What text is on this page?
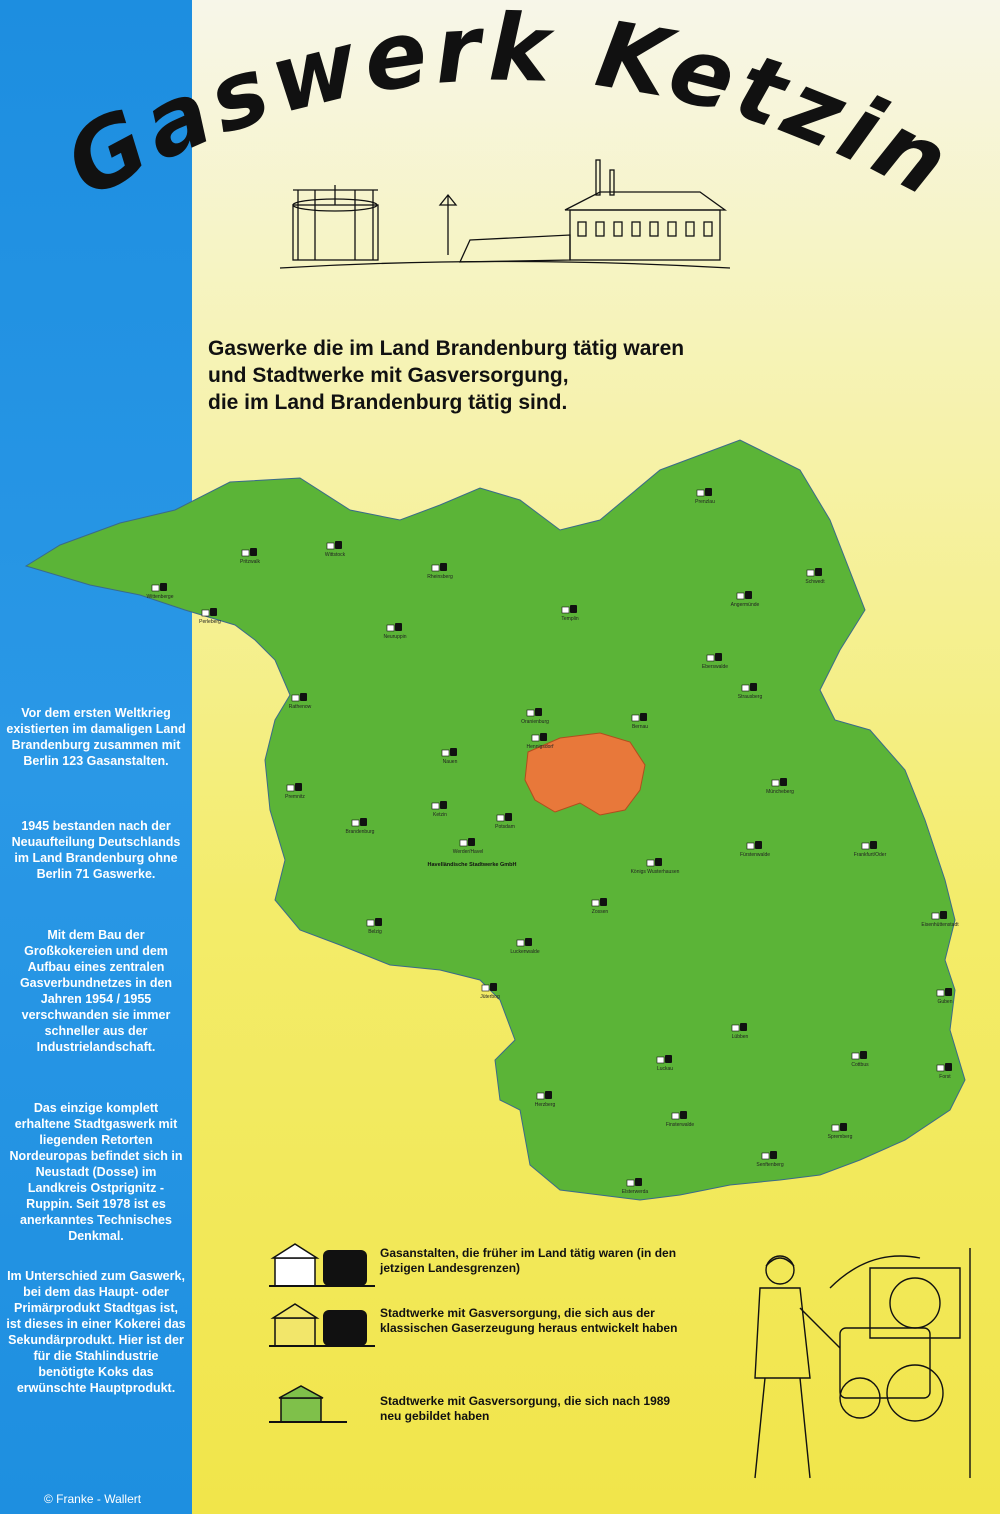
Vor dem ersten Weltkrieg existierten im damaligen Land Brandenburg zusammen mit Berlin 123 Gasanstalten.
1945 bestanden nach der Neuaufteilung Deutschlands im Land Brandenburg ohne Berlin 71 Gaswerke.
Mit dem Bau der Großkokereien und dem Aufbau eines zentralen Gasverbundnetzes in den Jahren 1954 / 1955 verschwanden sie immer schneller aus der Industrielandschaft.
Das einzige komplett erhaltene Stadtgaswerk mit liegenden Retorten Nordeuropas befindet sich in Neustadt (Dosse) im Landkreis Ostprignitz - Ruppin. Seit 1978 ist es anerkanntes Technisches Denkmal.
Im Unterschied zum Gaswerk, bei dem das Haupt- oder Primärprodukt Stadtgas ist, ist dieses in einer Kokerei das Sekundärprodukt. Hier ist der für die Stahlindustrie benötigte Koks das erwünschte Hauptprodukt.
© Franke - Wallert
Gaswerk Ketzin
Gaswerke die im Land Brandenburg tätig waren
und Stadtwerke mit Gasversorgung,
die im Land Brandenburg tätig sind.
Wittstock
Pritzwalk
Wittenberge
Perleberg
Rheinsberg
Neuruppin
Templin
Prenzlau
Schwedt
Angermünde
Eberswalde
Oranienburg
Bernau
Hennigsdorf
Rathenow
Nauen
Premnitz
Brandenburg
Ketzin
Potsdam
Werder/Havel
Strausberg
Müncheberg
Fürstenwalde	Frankfurt/Oder
Eisenhüttenstadt
Guben
Forst
Cottbus
Spremberg
Senftenberg
Finsterwalde
Lübben
Luckau
Königs Wusterhausen
Zossen
Luckenwalde
Jüterbog
Belzig
Herzberg
Elsterwerda
Havelländische Stadtwerke GmbH
Gasanstalten, die früher im Land tätig waren (in den jetzigen Landesgrenzen)
Stadtwerke mit Gasversorgung, die sich aus der klassischen Gaserzeugung heraus entwickelt haben
Stadtwerke mit Gasversorgung, die sich nach 1989 neu gebildet haben
